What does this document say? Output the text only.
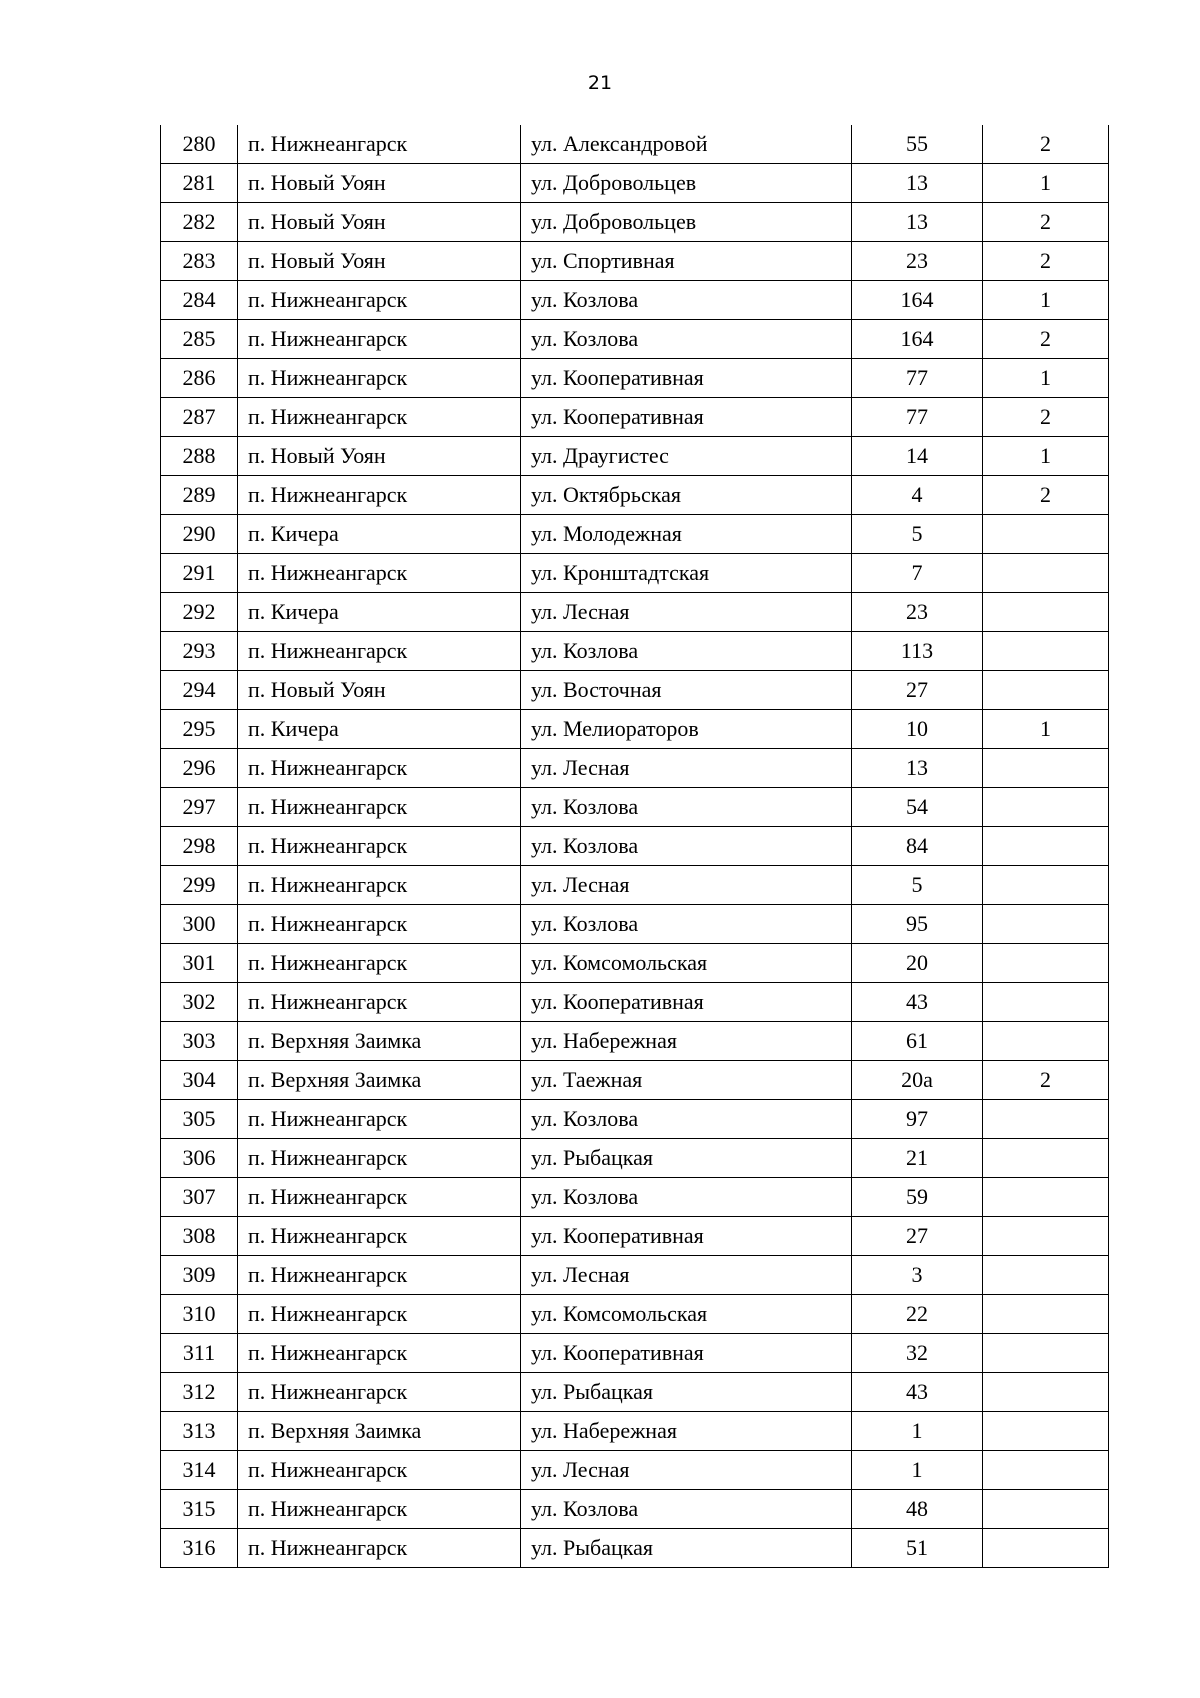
21
280	п. Нижнеангарск	ул. Александровой	55	2
281	п. Новый Уоян	ул. Добровольцев	13	1
282	п. Новый Уоян	ул. Добровольцев	13	2
283	п. Новый Уоян	ул. Спортивная	23	2
284	п. Нижнеангарск	ул. Козлова	164	1
285	п. Нижнеангарск	ул. Козлова	164	2
286	п. Нижнеангарск	ул. Кооперативная	77	1
287	п. Нижнеангарск	ул. Кооперативная	77	2
288	п. Новый Уоян	ул. Драугистес	14	1
289	п. Нижнеангарск	ул. Октябрьская	4	2
290	п. Кичера	ул. Молодежная	5	
291	п. Нижнеангарск	ул. Кронштадтская	7	
292	п. Кичера	ул. Лесная	23	
293	п. Нижнеангарск	ул. Козлова	113	
294	п. Новый Уоян	ул. Восточная	27	
295	п. Кичера	ул. Мелиораторов	10	1
296	п. Нижнеангарск	ул. Лесная	13	
297	п. Нижнеангарск	ул. Козлова	54	
298	п. Нижнеангарск	ул. Козлова	84	
299	п. Нижнеангарск	ул. Лесная	5	
300	п. Нижнеангарск	ул. Козлова	95	
301	п. Нижнеангарск	ул. Комсомольская	20	
302	п. Нижнеангарск	ул. Кооперативная	43	
303	п. Верхняя Заимка	ул. Набережная	61	
304	п. Верхняя Заимка	ул. Таежная	20а	2
305	п. Нижнеангарск	ул. Козлова	97	
306	п. Нижнеангарск	ул. Рыбацкая	21	
307	п. Нижнеангарск	ул. Козлова	59	
308	п. Нижнеангарск	ул. Кооперативная	27	
309	п. Нижнеангарск	ул. Лесная	3	
310	п. Нижнеангарск	ул. Комсомольская	22	
311	п. Нижнеангарск	ул. Кооперативная	32	
312	п. Нижнеангарск	ул. Рыбацкая	43	
313	п. Верхняя Заимка	ул. Набережная	1	
314	п. Нижнеангарск	ул. Лесная	1	
315	п. Нижнеангарск	ул. Козлова	48	
316	п. Нижнеангарск	ул. Рыбацкая	51	
